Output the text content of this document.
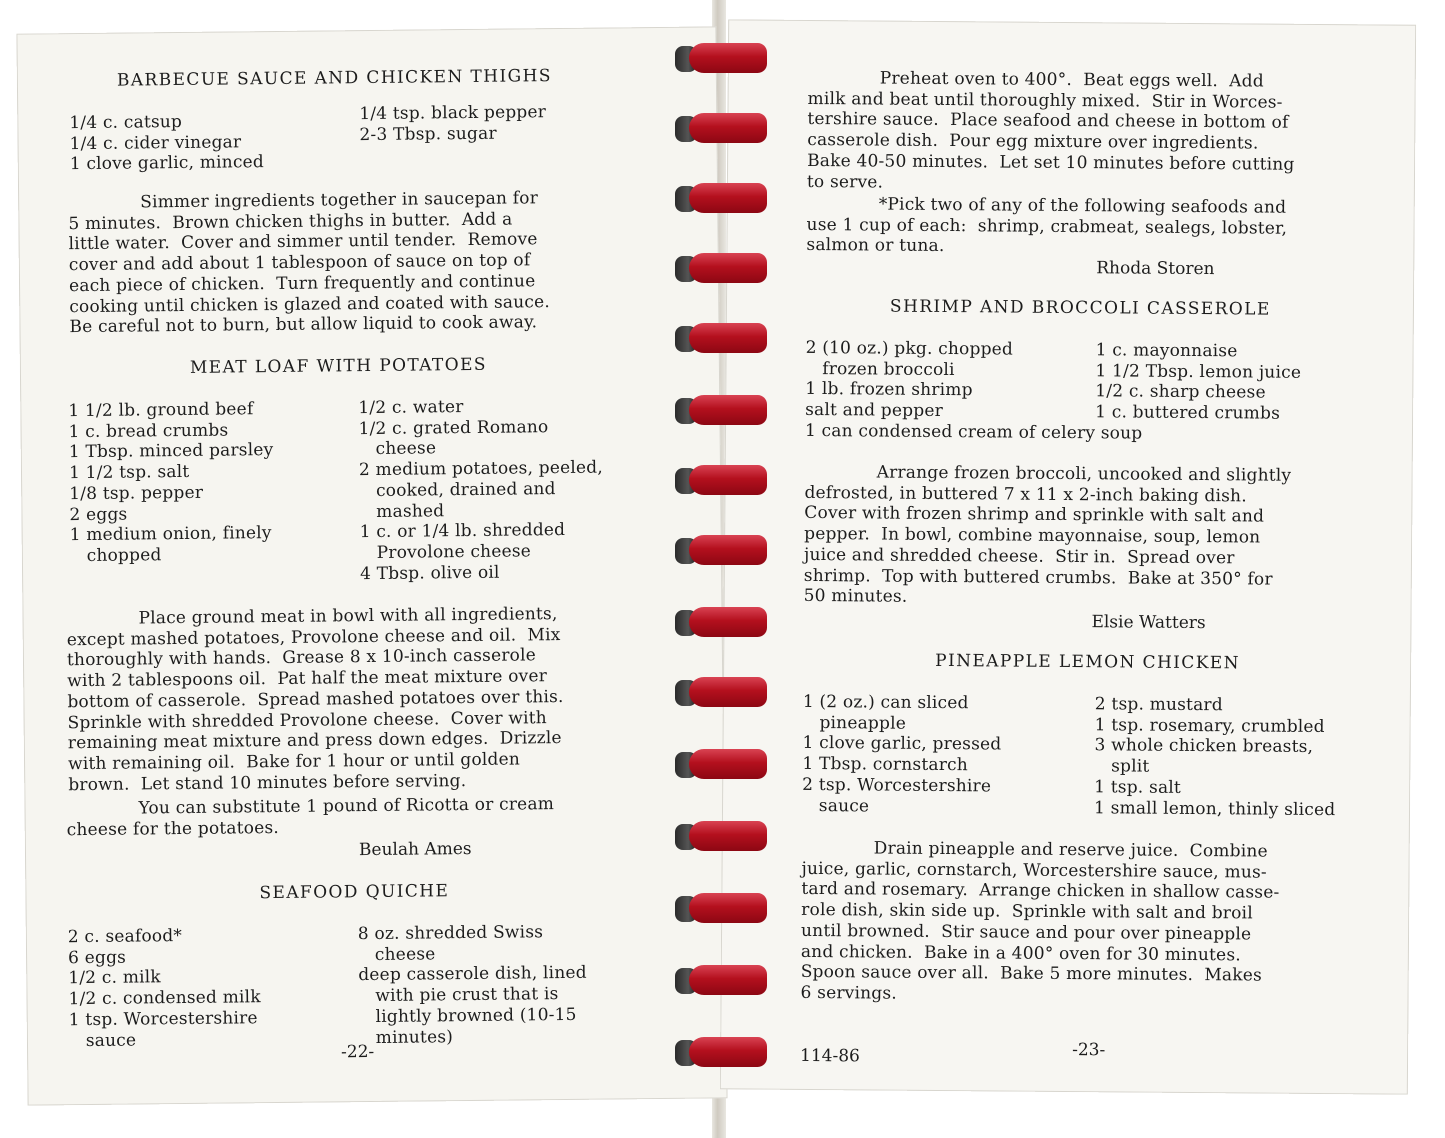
BARBECUE SAUCE AND CHICKEN THIGHS
1/4 c. catsup
1/4 c. cider vinegar
1 clove garlic, minced
1/4 tsp. black pepper
2-3 Tbsp. sugar
Simmer ingredients together in saucepan for
5 minutes.  Brown chicken thighs in butter.  Add a
little water.  Cover and simmer until tender.  Remove
cover and add about 1 tablespoon of sauce on top of
each piece of chicken.  Turn frequently and continue
cooking until chicken is glazed and coated with sauce.
Be careful not to burn, but allow liquid to cook away.
MEAT LOAF WITH POTATOES
1 1/2 lb. ground beef
1 c. bread crumbs
1 Tbsp. minced parsley
1 1/2 tsp. salt
1/8 tsp. pepper
2 eggs
1 medium onion, finely
chopped
1/2 c. water
1/2 c. grated Romano
cheese
2 medium potatoes, peeled,
cooked, drained and
mashed
1 c. or 1/4 lb. shredded
Provolone cheese
4 Tbsp. olive oil
Place ground meat in bowl with all ingredients,
except mashed potatoes, Provolone cheese and oil.  Mix
thoroughly with hands.  Grease 8 x 10-inch casserole
with 2 tablespoons oil.  Pat half the meat mixture over
bottom of casserole.  Spread mashed potatoes over this.
Sprinkle with shredded Provolone cheese.  Cover with
remaining meat mixture and press down edges.  Drizzle
with remaining oil.  Bake for 1 hour or until golden
brown.  Let stand 10 minutes before serving.
You can substitute 1 pound of Ricotta or cream
cheese for the potatoes.
Beulah Ames
SEAFOOD QUICHE
2 c. seafood*
6 eggs
1/2 c. milk
1/2 c. condensed milk
1 tsp. Worcestershire
sauce
8 oz. shredded Swiss
cheese
deep casserole dish, lined
with pie crust that is
lightly browned (10-15
minutes)
-22-
Preheat oven to 400°.  Beat eggs well.  Add
milk and beat until thoroughly mixed.  Stir in Worces-
tershire sauce.  Place seafood and cheese in bottom of
casserole dish.  Pour egg mixture over ingredients.
Bake 40-50 minutes.  Let set 10 minutes before cutting
to serve.
*Pick two of any of the following seafoods and
use 1 cup of each:  shrimp, crabmeat, sealegs, lobster,
salmon or tuna.
Rhoda Storen
SHRIMP AND BROCCOLI CASSEROLE
2 (10 oz.) pkg. chopped
frozen broccoli
1 lb. frozen shrimp
salt and pepper
1 can condensed cream of celery soup
1 c. mayonnaise
1 1/2 Tbsp. lemon juice
1/2 c. sharp cheese
1 c. buttered crumbs
Arrange frozen broccoli, uncooked and slightly
defrosted, in buttered 7 x 11 x 2-inch baking dish.
Cover with frozen shrimp and sprinkle with salt and
pepper.  In bowl, combine mayonnaise, soup, lemon
juice and shredded cheese.  Stir in.  Spread over
shrimp.  Top with buttered crumbs.  Bake at 350° for
50 minutes.
Elsie Watters
PINEAPPLE LEMON CHICKEN
1 (2 oz.) can sliced
pineapple
1 clove garlic, pressed
1 Tbsp. cornstarch
2 tsp. Worcestershire
sauce
2 tsp. mustard
1 tsp. rosemary, crumbled
3 whole chicken breasts,
split
1 tsp. salt
1 small lemon, thinly sliced
Drain pineapple and reserve juice.  Combine
juice, garlic, cornstarch, Worcestershire sauce, mus-
tard and rosemary.  Arrange chicken in shallow casse-
role dish, skin side up.  Sprinkle with salt and broil
until browned.  Stir sauce and pour over pineapple
and chicken.  Bake in a 400° oven for 30 minutes.
Spoon sauce over all.  Bake 5 more minutes.  Makes
6 servings.
114-86	-23-
